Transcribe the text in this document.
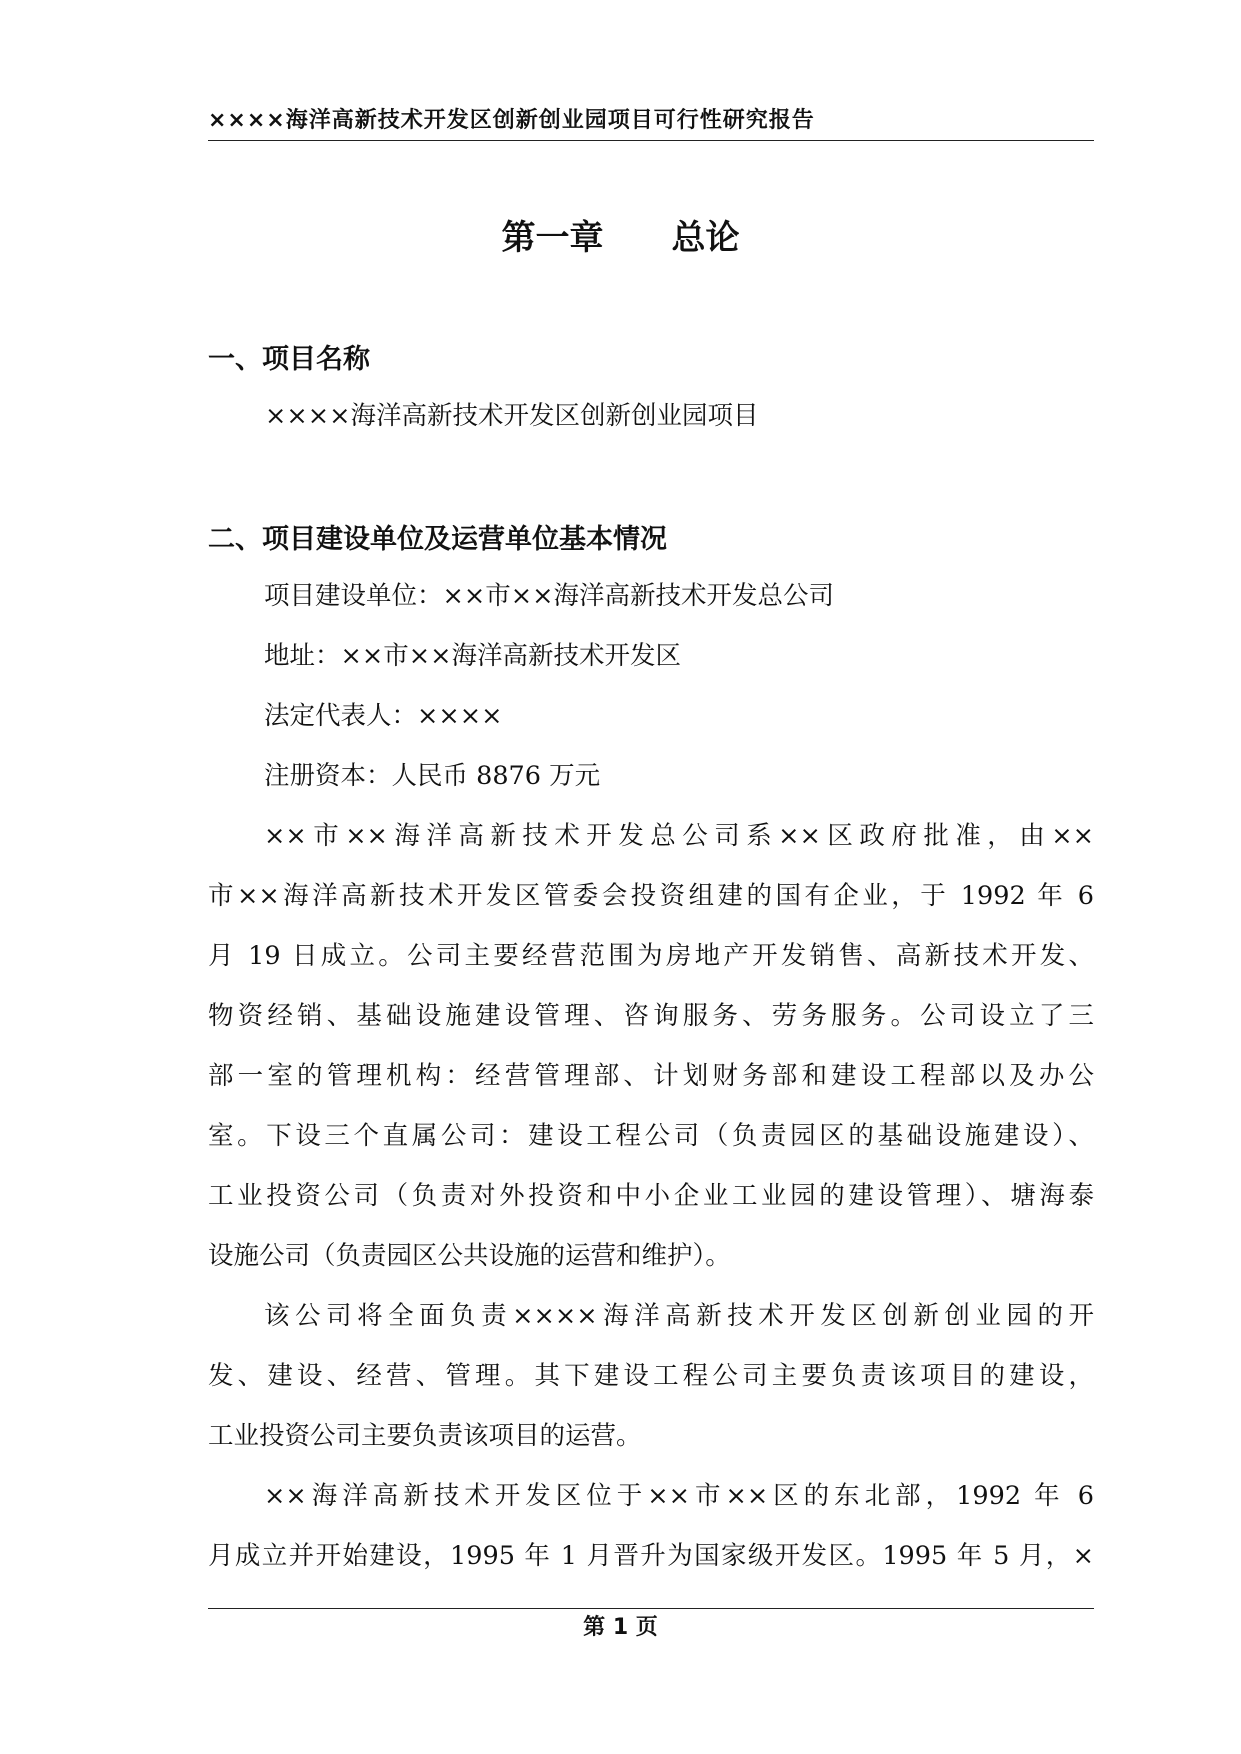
××××海洋高新技术开发区创新创业园项目可行性研究报告
第一章　　总论
一、项目名称
××××海洋高新技术开发区创新创业园项目
二、项目建设单位及运营单位基本情况
项目建设单位：××市××海洋高新技术开发总公司
地址：××市××海洋高新技术开发区
法定代表人：××××
注册资本：人民币 8876 万元
××市××海洋高新技术开发总公司系××区政府批准，由××
市××海洋高新技术开发区管委会投资组建的国有企业，于 1992 年 6
月 19 日成立。公司主要经营范围为房地产开发销售、高新技术开发、
物资经销、基础设施建设管理、咨询服务、劳务服务。公司设立了三
部一室的管理机构：经营管理部、计划财务部和建设工程部以及办公
室。下设三个直属公司：建设工程公司（负责园区的基础设施建设）、
工业投资公司（负责对外投资和中小企业工业园的建设管理）、塘海泰
设施公司（负责园区公共设施的运营和维护）。
该公司将全面负责××××海洋高新技术开发区创新创业园的开
发、建设、经营、管理。其下建设工程公司主要负责该项目的建设，
工业投资公司主要负责该项目的运营。
××海洋高新技术开发区位于××市××区的东北部，1992 年 6
月成立并开始建设，1995 年 1 月晋升为国家级开发区。1995 年 5 月，×
第 1 页
